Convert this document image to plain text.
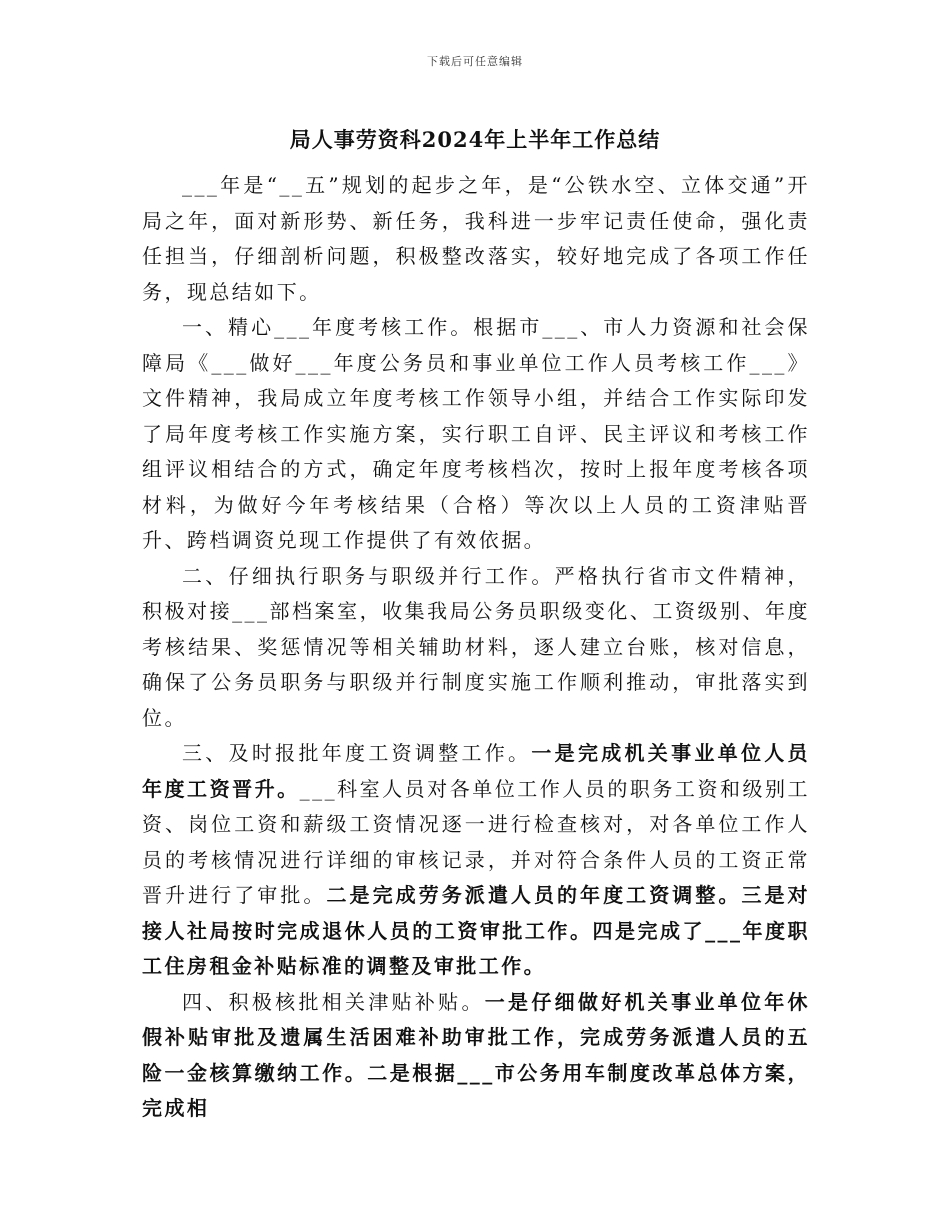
下载后可任意编辑
局人事劳资科2024年上半年工作总结

___年是“__五”规划的起步之年，是“公铁水空、立体交通”开局之年，面对新形势、新任务，我科进一步牢记责任使命，强化责任担当，仔细剖析问题，积极整改落实，较好地完成了各项工作任务，现总结如下。

一、精心___年度考核工作。根据市___、市人力资源和社会保障局《___做好___年度公务员和事业单位工作人员考核工作___》文件精神，我局成立年度考核工作领导小组，并结合工作实际印发了局年度考核工作实施方案，实行职工自评、民主评议和考核工作组评议相结合的方式，确定年度考核档次，按时上报年度考核各项材料，为做好今年考核结果（合格）等次以上人员的工资津贴晋升、跨档调资兑现工作提供了有效依据。

二、仔细执行职务与职级并行工作。严格执行省市文件精神，积极对接___部档案室，收集我局公务员职级变化、工资级别、年度考核结果、奖惩情况等相关辅助材料，逐人建立台账，核对信息，确保了公务员职务与职级并行制度实施工作顺利推动，审批落实到位。

三、及时报批年度工资调整工作。一是完成机关事业单位人员年度工资晋升。___科室人员对各单位工作人员的职务工资和级别工资、岗位工资和薪级工资情况逐一进行检查核对，对各单位工作人员的考核情况进行详细的审核记录，并对符合条件人员的工资正常晋升进行了审批。二是完成劳务派遣人员的年度工资调整。三是对接人社局按时完成退休人员的工资审批工作。四是完成了___年度职工住房租金补贴标准的调整及审批工作。

四、积极核批相关津贴补贴。一是仔细做好机关事业单位年休假补贴审批及遗属生活困难补助审批工作，完成劳务派遣人员的五险一金核算缴纳工作。二是根据___市公务用车制度改革总体方案，完成相
